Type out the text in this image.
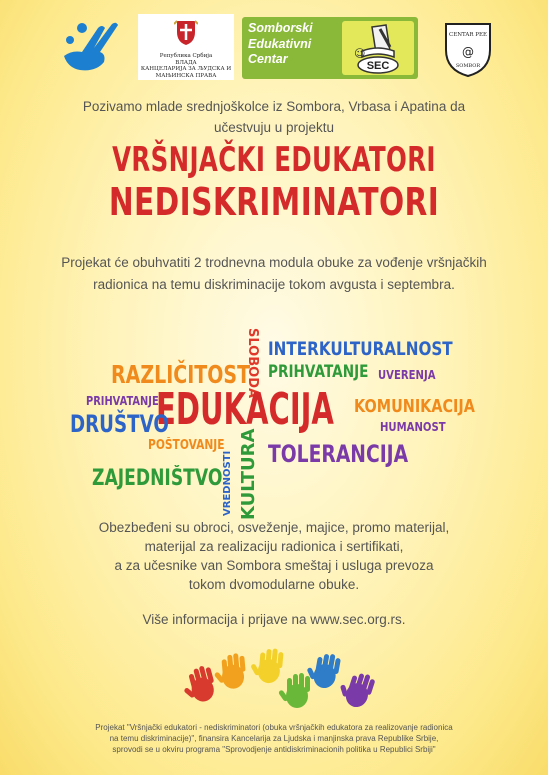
Република Србија
ВЛАДА
КАНЦЕЛАРИЈА ЗА ЉУДСКА И
МАЊИНСКА ПРАВА
Somborski
Edukativni
Centar	SEC
☺
CENTAR PEE
@
SOMBOR
Pozivamo mlade srednjoškolce iz Sombora, Vrbasa i Apatina da učestvuju u projektu
VRŠNJAČKI EDUKATORI
NEDISKRIMINATORI
Projekat će obuhvatiti 2 trodnevna modula obuke za vođenje vršnjačkih radionica na temu diskriminacije tokom avgusta i septembra.
SLOBODA INTERKULTURALNOST
RAZLIČITOST PRIHVATANJE UVERENJA
PRIHVATANJE
EDUKACIJA KOMUNIKACIJA
DRUŠTVO	HUMANOST
POŠTOVANJE TOLERANCIJA
ZAJEDNIŠTVO VREDNOSTI KULTURA
Obezbeđeni su obroci, osveženje, majice, promo materijal,
materijal za realizaciju radionica i sertifikati,
a za učesnike van Sombora smeštaj i usluga prevoza
tokom dvomodularne obuke.
Više informacija i prijave na www.sec.org.rs.
Projekat "Vršnjački edukatori - nediskriminatori (obuka vršnjačkih edukatora za realizovanje radionica
na temu diskriminacije)", finansira Kancelarija za Ljudska i manjinska prava Republike Srbije,
sprovodi se u okviru programa "Sprovodjenje antidiskriminacionih politika u Republici Srbiji"
